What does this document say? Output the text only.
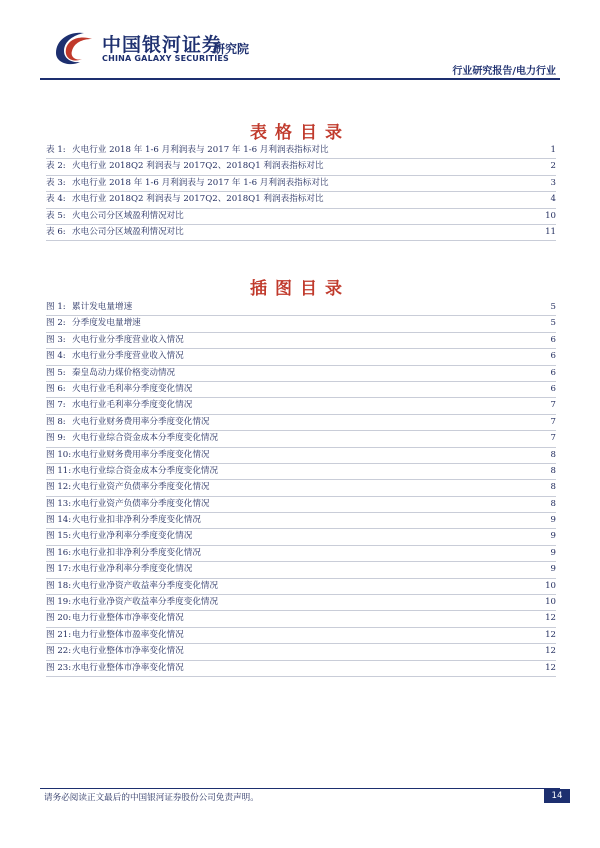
中国银河证券
CHINA GALAXY SECURITIES
研究院
行业研究报告/电力行业
表格目录
表 1: 火电行业 2018 年 1-6 月利润表与 2017 年 1-6 月利润表指标对比	1
表 2: 火电行业 2018Q2 利润表与 2017Q2、2018Q1 利润表指标对比	2
表 3: 水电行业 2018 年 1-6 月利润表与 2017 年 1-6 月利润表指标对比	3
表 4: 水电行业 2018Q2 利润表与 2017Q2、2018Q1 利润表指标对比	4
表 5: 火电公司分区域盈利情况对比	10
表 6: 水电公司分区域盈利情况对比	11
插图目录
图 1: 累计发电量增速	5
图 2: 分季度发电量增速	5
图 3: 火电行业分季度营业收入情况	6
图 4: 水电行业分季度营业收入情况	6
图 5: 秦皇岛动力煤价格变动情况	6
图 6: 火电行业毛利率分季度变化情况	6
图 7: 水电行业毛利率分季度变化情况	7
图 8: 火电行业财务费用率分季度变化情况	7
图 9: 火电行业综合资金成本分季度变化情况	7
图 10:水电行业财务费用率分季度变化情况	8
图 11:水电行业综合资金成本分季度变化情况	8
图 12:火电行业资产负债率分季度变化情况	8
图 13:水电行业资产负债率分季度变化情况	8
图 14:火电行业扣非净利分季度变化情况	9
图 15:火电行业净利率分季度变化情况	9
图 16:水电行业扣非净利分季度变化情况	9
图 17:水电行业净利率分季度变化情况	9
图 18:火电行业净资产收益率分季度变化情况	10
图 19:水电行业净资产收益率分季度变化情况	10
图 20:电力行业整体市净率变化情况	12
图 21:电力行业整体市盈率变化情况	12
图 22:火电行业整体市净率变化情况	12
图 23:水电行业整体市净率变化情况	12
请务必阅读正文最后的中国银河证券股份公司免责声明。	14
